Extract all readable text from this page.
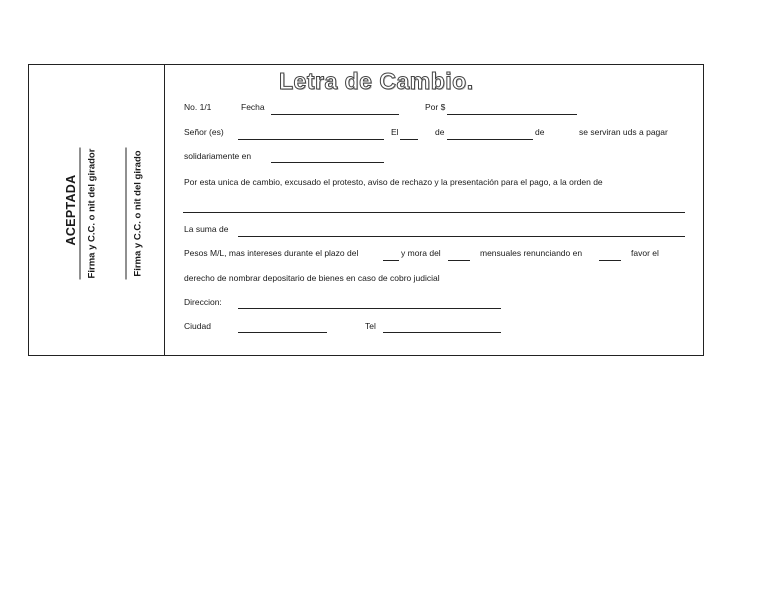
ACEPTADA Firma y C.C. o nit del girador	Firma y C.C. o nit del girado
Letra de Cambio.
No. 1/1	Fecha	Por $
Señor (es)	El	de	de	se serviran uds a pagar
solidariamente en
Por esta unica de cambio, excusado el protesto, aviso de rechazo y la presentación para el pago, a la orden de
La suma de
Pesos M/L, mas intereses durante el plazo del	y mora del	mensuales renunciando en	favor el
derecho de nombrar depositario de bienes en caso de cobro judicial
Direccion:
Ciudad	Tel
